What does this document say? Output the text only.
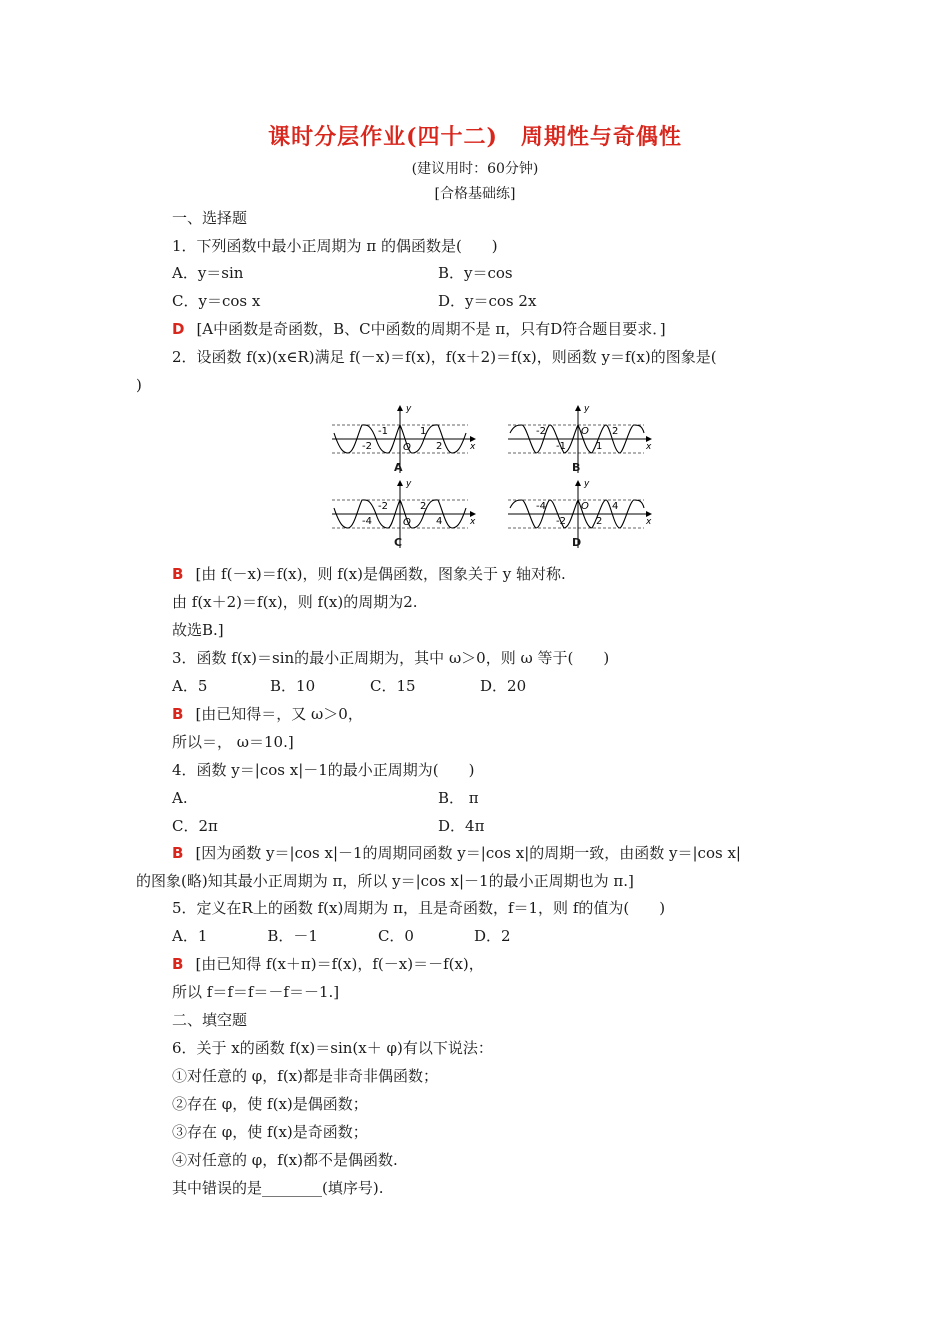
课时分层作业(四十二)　周期性与奇偶性
(建议用时：60分钟)
[合格基础练]
一、选择题
1．下列函数中最小正周期为 π 的偶函数是(　　)
A．y＝sin	B．y＝cos
C．y＝cos x	D．y＝cos 2x
D [A中函数是奇函数，B、C中函数的周期不是 π，只有D符合题目要求．]
2．设函数 f(x)(x∈R)满足 f(－x)＝f(x)，f(x＋2)＝f(x)，则函数 y＝f(x)的图象是(
)
y
x
O
-1	1
-2	2
A
y
x
O
-2	2
-1	1
B
y
x
O
-2	2
-4	4
C
y
x
O
-4	4
-2	2
D
B [由 f(－x)＝f(x)，则 f(x)是偶函数，图象关于 y 轴对称.
由 f(x＋2)＝f(x)，则 f(x)的周期为2.
故选B.]
3．函数 f(x)＝sin的最小正周期为，其中 ω＞0，则 ω 等于(　　)
A．5	B．10	C．15	D．20
B [由已知得＝，又 ω＞0，
所以＝， ω＝10.]
4．函数 y＝|cos x|－1的最小正周期为(　　)
A.	B． π
C．2π	D．4π
B [因为函数 y＝|cos x|－1的周期同函数 y＝|cos x|的周期一致，由函数 y＝|cos x|
的图象(略)知其最小正周期为 π，所以 y＝|cos x|－1的最小正周期也为 π.]
5．定义在R上的函数 f(x)周期为 π，且是奇函数，f＝1，则 f的值为(　　)
A．1　　　　B．－1　　　　C．0　　　　D．2
B [由已知得 f(x＋π)＝f(x)，f(－x)＝－f(x)，
所以 f＝f＝f＝－f＝－1.]
二、填空题
6．关于 x的函数 f(x)＝sin(x＋ φ)有以下说法：
①对任意的 φ，f(x)都是非奇非偶函数；
②存在 φ，使 f(x)是偶函数；
③存在 φ，使 f(x)是奇函数；
④对任意的 φ，f(x)都不是偶函数.
其中错误的是________(填序号).
